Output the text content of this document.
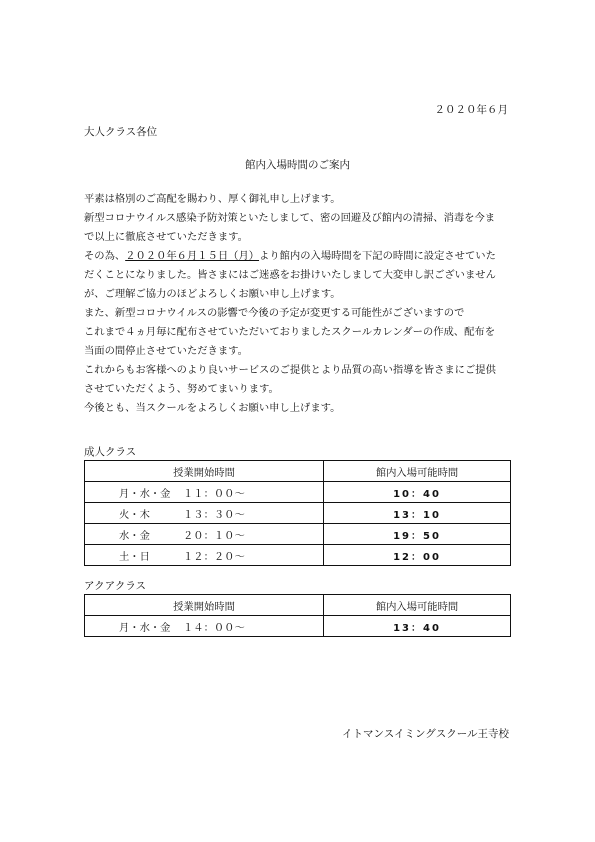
２０２０年６月
大人クラス各位
館内入場時間のご案内

平素は格別のご高配を賜わり、厚く御礼申し上げます。

新型コロナウイルス感染予防対策といたしまして、密の回避及び館内の清掃、消毒を今ま

で以上に徹底させていただきます。

その為、２０２０年６月１５日（月）より館内の入場時間を下記の時間に設定させていた

だくことになりました。皆さまにはご迷惑をお掛けいたしまして大変申し訳ございません

が、ご理解ご協力のほどよろしくお願い申し上げます。

また、新型コロナウイルスの影響で今後の予定が変更する可能性がございますので

これまで４ヵ月毎に配布させていただいておりましたスクールカレンダーの作成、配布を

当面の間停止させていただきます。

これからもお客様へのより良いサービスのご提供とより品質の高い指導を皆さまにご提供

させていただくよう、努めてまいります。

今後とも、当スクールをよろしくお願い申し上げます。

成人クラス
授業開始時間	館内入場可能時間
月・水・金 １１：００～	10：40
火・木 １３：３０～	13：10
水・金 ２０：１０～	19：50
土・日 １２：２０～	12：00
アクアクラス
授業開始時間	館内入場可能時間
月・水・金 １４：００～	13：40
イトマンスイミングスクール王寺校
